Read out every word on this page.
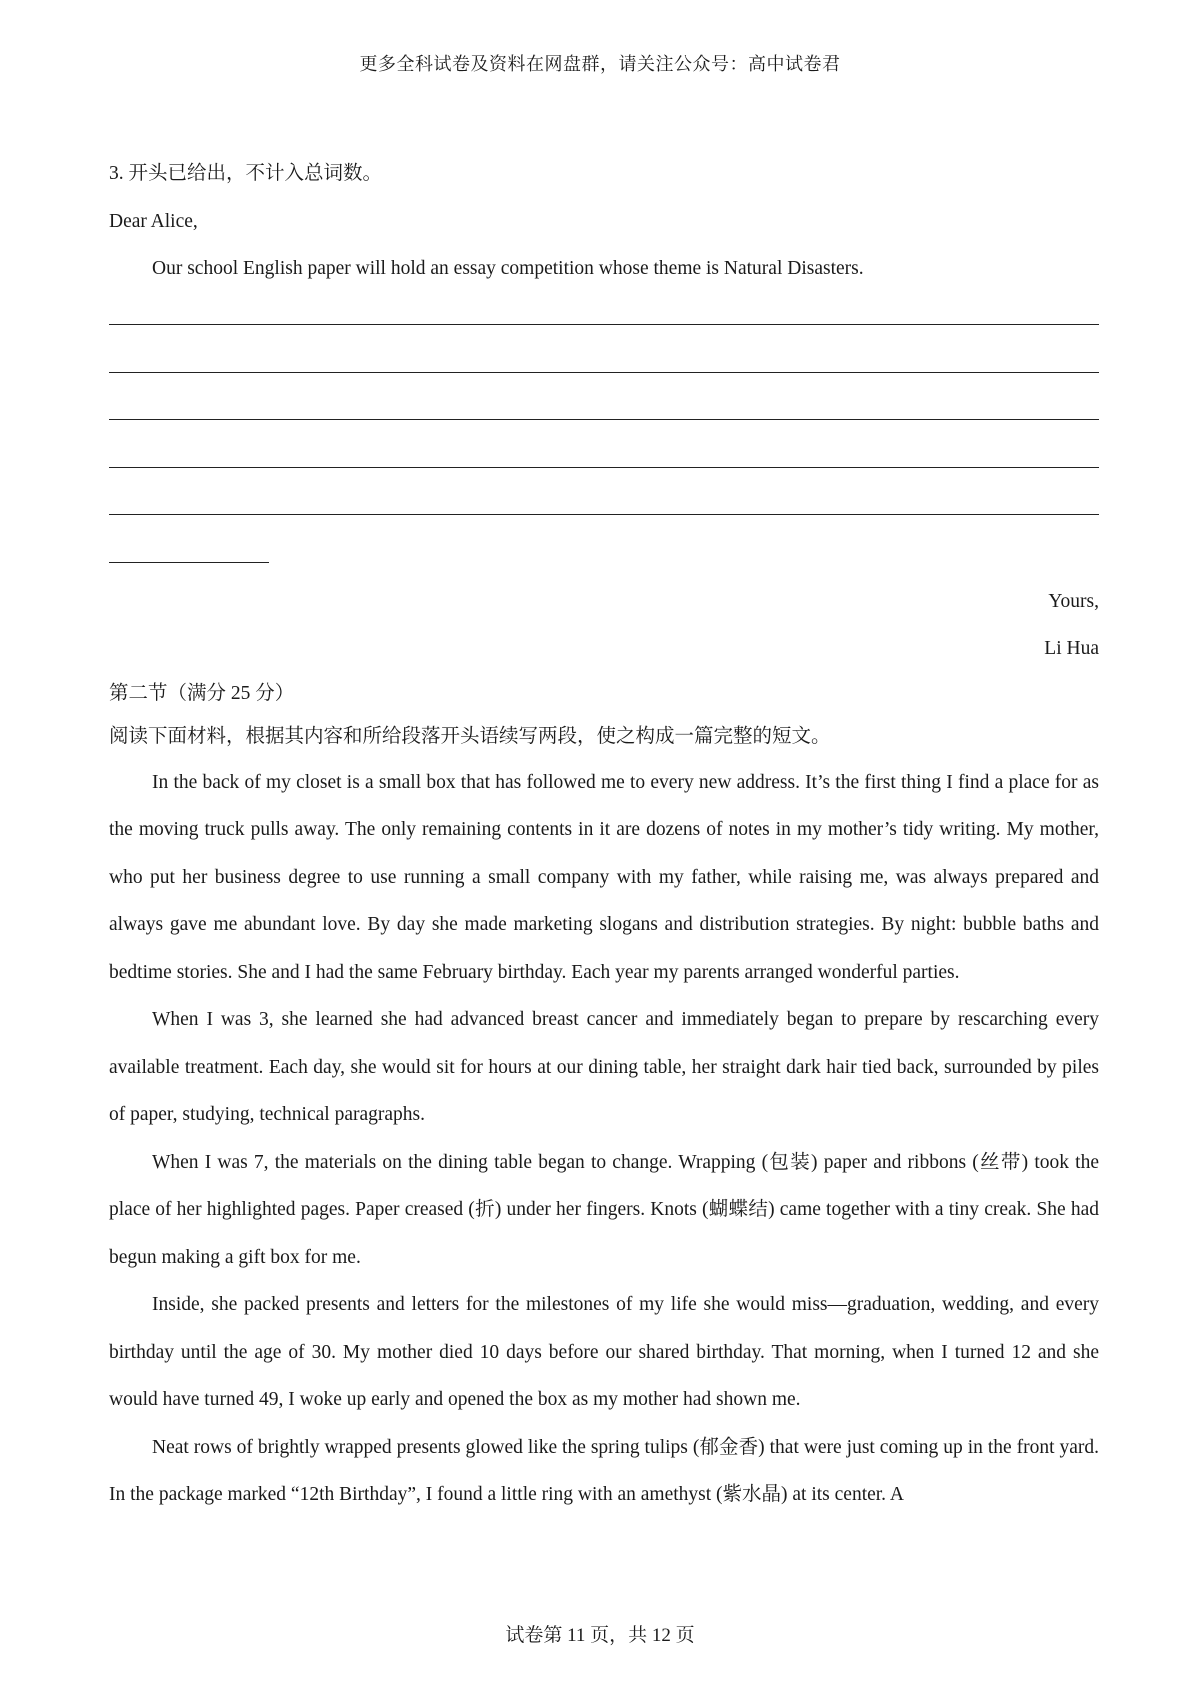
更多全科试卷及资料在网盘群，请关注公众号：高中试卷君

3. 开头已给出，不计入总词数。

Dear Alice,

Our school English paper will hold an essay competition whose theme is Natural Disasters.

Yours,

Li Hua

第二节（满分 25 分）

阅读下面材料，根据其内容和所给段落开头语续写两段，使之构成一篇完整的短文。

In the back of my closet is a small box that has followed me to every new address. It’s the first thing I find a place for as the moving truck pulls away. The only remaining contents in it are dozens of notes in my mother’s tidy writing. My mother, who put her business degree to use running a small company with my father, while raising me, was always prepared and always gave me abundant love. By day she made marketing slogans and distribution strategies. By night: bubble baths and bedtime stories. She and I had the same February birthday. Each year my parents arranged wonderful parties.

When I was 3, she learned she had advanced breast cancer and immediately began to prepare by rescarching every available treatment. Each day, she would sit for hours at our dining table, her straight dark hair tied back, surrounded by piles of paper, studying, technical paragraphs.

When I was 7, the materials on the dining table began to change. Wrapping (包装) paper and ribbons (丝带) took the place of her highlighted pages. Paper creased (折) under her fingers. Knots (蝴蝶结) came together with a tiny creak. She had begun making a gift box for me.

Inside, she packed presents and letters for the milestones of my life she would miss—graduation, wedding, and every birthday until the age of 30. My mother died 10 days before our shared birthday. That morning, when I turned 12 and she would have turned 49, I woke up early and opened the box as my mother had shown me.

Neat rows of brightly wrapped presents glowed like the spring tulips (郁金香) that were just coming up in the front yard. In the package marked “12th Birthday”, I found a little ring with an amethyst (紫水晶) at its center. A

试卷第 11 页，共 12 页
